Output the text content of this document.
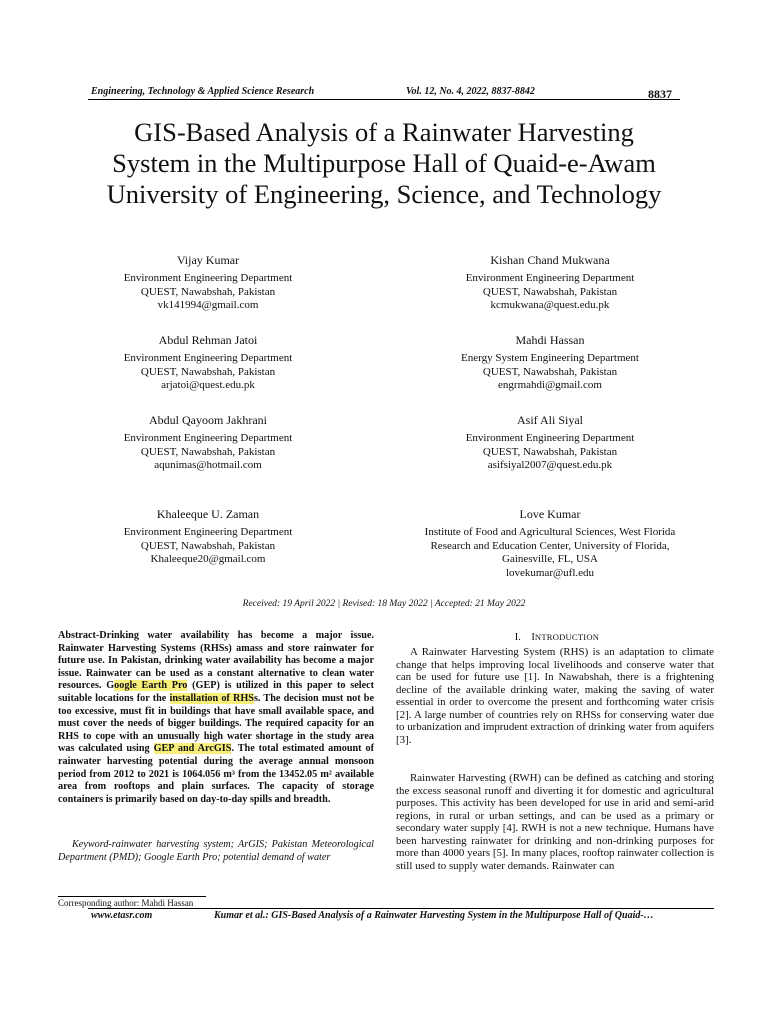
Engineering, Technology & Applied Science Research	Vol. 12, No. 4, 2022, 8837-8842	8837
GIS-Based Analysis of a Rainwater Harvesting
System in the Multipurpose Hall of Quaid-e-Awam
University of Engineering, Science, and Technology
Vijay Kumar
Environment Engineering Department
QUEST, Nawabshah, Pakistan
vk141994@gmail.com
Kishan Chand Mukwana
Environment Engineering Department
QUEST, Nawabshah, Pakistan
kcmukwana@quest.edu.pk
Abdul Rehman Jatoi
Environment Engineering Department
QUEST, Nawabshah, Pakistan
arjatoi@quest.edu.pk
Mahdi Hassan
Energy System Engineering Department
QUEST, Nawabshah, Pakistan
engrmahdi@gmail.com
Abdul Qayoom Jakhrani
Environment Engineering Department
QUEST, Nawabshah, Pakistan
aqunimas@hotmail.com
Asif Ali Siyal
Environment Engineering Department
QUEST, Nawabshah, Pakistan
asifsiyal2007@quest.edu.pk
Khaleeque U. Zaman
Environment Engineering Department
QUEST, Nawabshah, Pakistan
Khaleeque20@gmail.com
Love Kumar
Institute of Food and Agricultural Sciences, West Florida
Research and Education Center, University of Florida,
Gainesville, FL, USA
lovekumar@ufl.edu
Received: 19 April 2022 | Revised: 18 May 2022 | Accepted: 21 May 2022
Abstract-Drinking water availability has become a major issue. Rainwater Harvesting Systems (RHSs) amass and store rainwater for future use. In Pakistan, drinking water availability has become a major issue. Rainwater can be used as a constant alternative to clean water resources. Google Earth Pro (GEP) is utilized in this paper to select suitable locations for the installation of RHSs. The decision must not be too excessive, must fit in buildings that have small available space, and must cover the needs of bigger buildings. The required capacity for an RHS to cope with an unusually high water shortage in the study area was calculated using GEP and ArcGIS. The total estimated amount of rainwater harvesting potential during the average annual monsoon period from 2012 to 2021 is 1064.056 m³ from the 13452.05 m² available area from rooftops and plain surfaces. The capacity of storage containers is primarily based on day-to-day spills and breadth.
Keyword-rainwater harvesting system; ArGIS; Pakistan Meteorological Department (PMD); Google Earth Pro; potential demand of water
Corresponding author: Mahdi Hassan
I. INTRODUCTION

A Rainwater Harvesting System (RHS) is an adaptation to climate change that helps improving local livelihoods and conserve water that can be used for future use [1]. In Nawabshah, there is a frightening decline of the available drinking water, making the saving of water essential in order to overcome the present and forthcoming water crisis [2]. A large number of countries rely on RHSs for conserving water due to urbanization and imprudent extraction of drinking water from aquifers [3].

Rainwater Harvesting (RWH) can be defined as catching and storing the excess seasonal runoff and diverting it for domestic and agricultural purposes. This activity has been developed for use in arid and semi-arid regions, in rural or urban settings, and can be used as a primary or secondary water supply [4]. RWH is not a new technique. Humans have been harvesting rainwater for drinking and non-drinking purposes for more than 4000 years [5]. In many places, rooftop rainwater collection is still used to supply water demands. Rainwater can

www.etasr.com	Kumar et al.: GIS-Based Analysis of a Rainwater Harvesting System in the Multipurpose Hall of Quaid-…
